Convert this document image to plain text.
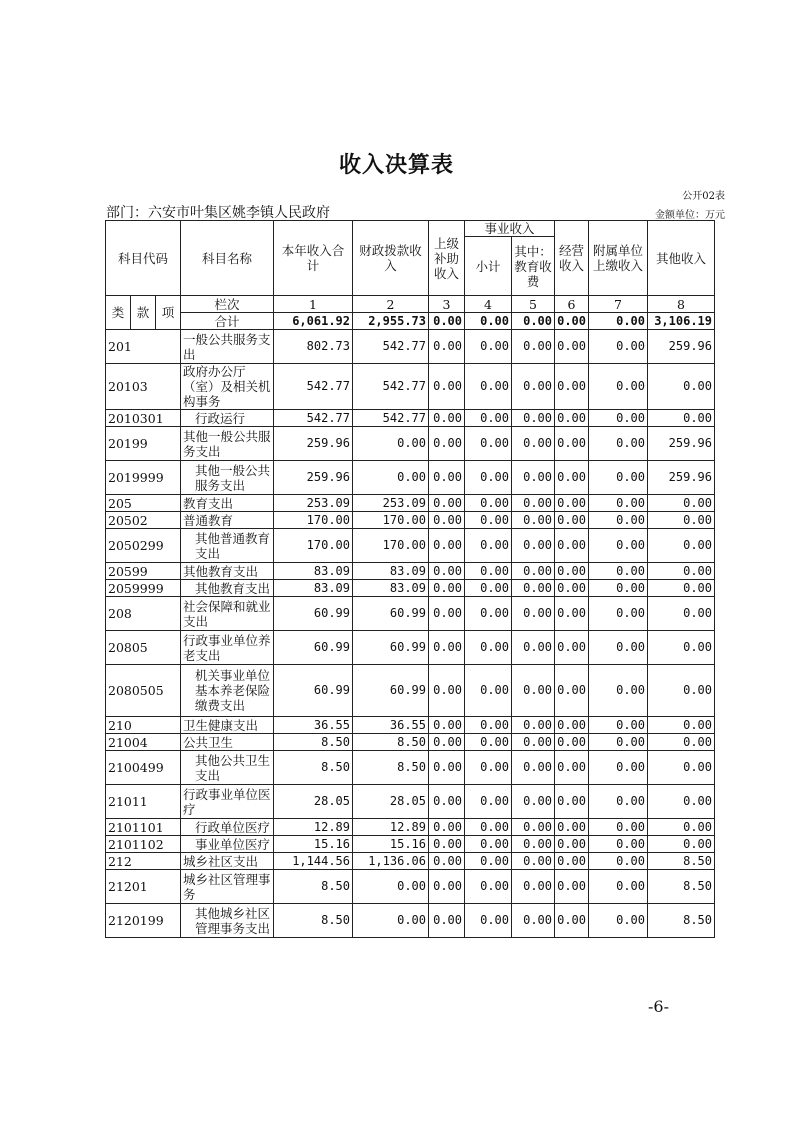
收入决算表
公开02表
部门：六安市叶集区姚李镇人民政府	金额单位：万元
科目代码			科目名称	本年收入合计	财政拨款收入	上级补助收入	事业收入		经营收入	附属单位上缴收入	其他收入
							小计	其中：教育收费			

类	款	项	栏次	1	2	3	4	5	6	7	8
			合计	6,061.92	2,955.73	0.00	0.00	0.00	0.00	0.00	3,106.19
201			一般公共服务支出	802.73	542.77	0.00	0.00	0.00	0.00	0.00	259.96
20103			政府办公厅（室）及相关机构事务	542.77	542.77	0.00	0.00	0.00	0.00	0.00	0.00
2010301			行政运行	542.77	542.77	0.00	0.00	0.00	0.00	0.00	0.00
20199			其他一般公共服务支出	259.96	0.00	0.00	0.00	0.00	0.00	0.00	259.96
2019999			其他一般公共服务支出	259.96	0.00	0.00	0.00	0.00	0.00	0.00	259.96
205			教育支出	253.09	253.09	0.00	0.00	0.00	0.00	0.00	0.00
20502			普通教育	170.00	170.00	0.00	0.00	0.00	0.00	0.00	0.00
2050299			其他普通教育支出	170.00	170.00	0.00	0.00	0.00	0.00	0.00	0.00
20599			其他教育支出	83.09	83.09	0.00	0.00	0.00	0.00	0.00	0.00
2059999			其他教育支出	83.09	83.09	0.00	0.00	0.00	0.00	0.00	0.00
208			社会保障和就业支出	60.99	60.99	0.00	0.00	0.00	0.00	0.00	0.00
20805			行政事业单位养老支出	60.99	60.99	0.00	0.00	0.00	0.00	0.00	0.00
2080505			机关事业单位基本养老保险缴费支出	60.99	60.99	0.00	0.00	0.00	0.00	0.00	0.00
210			卫生健康支出	36.55	36.55	0.00	0.00	0.00	0.00	0.00	0.00
21004			公共卫生	8.50	8.50	0.00	0.00	0.00	0.00	0.00	0.00
2100499			其他公共卫生支出	8.50	8.50	0.00	0.00	0.00	0.00	0.00	0.00
21011			行政事业单位医疗	28.05	28.05	0.00	0.00	0.00	0.00	0.00	0.00
2101101			行政单位医疗	12.89	12.89	0.00	0.00	0.00	0.00	0.00	0.00
2101102			事业单位医疗	15.16	15.16	0.00	0.00	0.00	0.00	0.00	0.00
212			城乡社区支出	1,144.56	1,136.06	0.00	0.00	0.00	0.00	0.00	8.50
21201			城乡社区管理事务	8.50	0.00	0.00	0.00	0.00	0.00	0.00	8.50
2120199			其他城乡社区管理事务支出	8.50	0.00	0.00	0.00	0.00	0.00	0.00	8.50
-6-
